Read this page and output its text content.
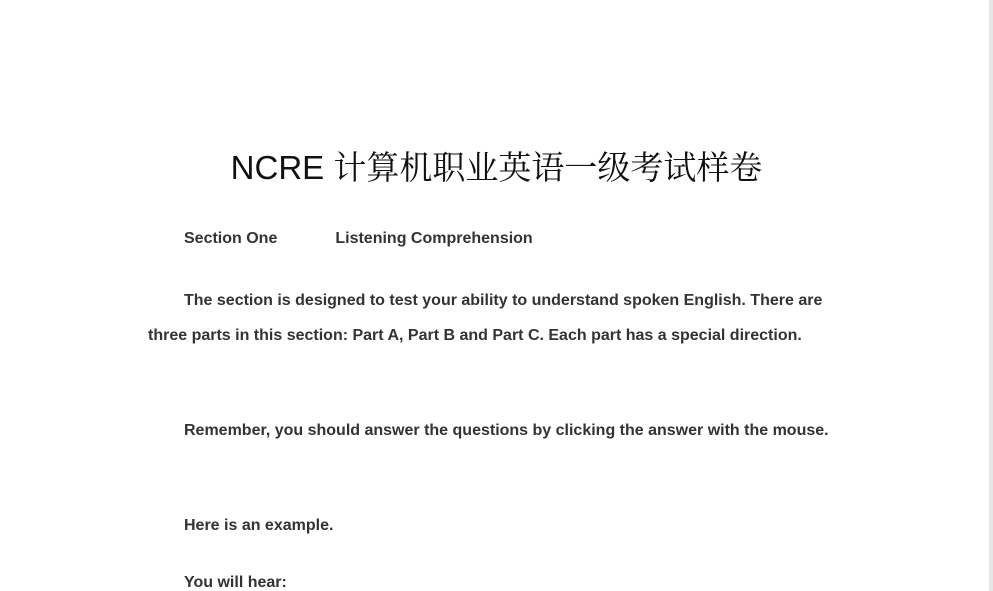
NCRE 计算机职业英语一级考试样卷
Section One	Listening Comprehension

The section is designed to test your ability to understand spoken English. There are three parts in this section: Part A, Part B and Part C. Each part has a special direction.

Remember, you should answer the questions by clicking the answer with the mouse.

Here is an example.

You will hear:
